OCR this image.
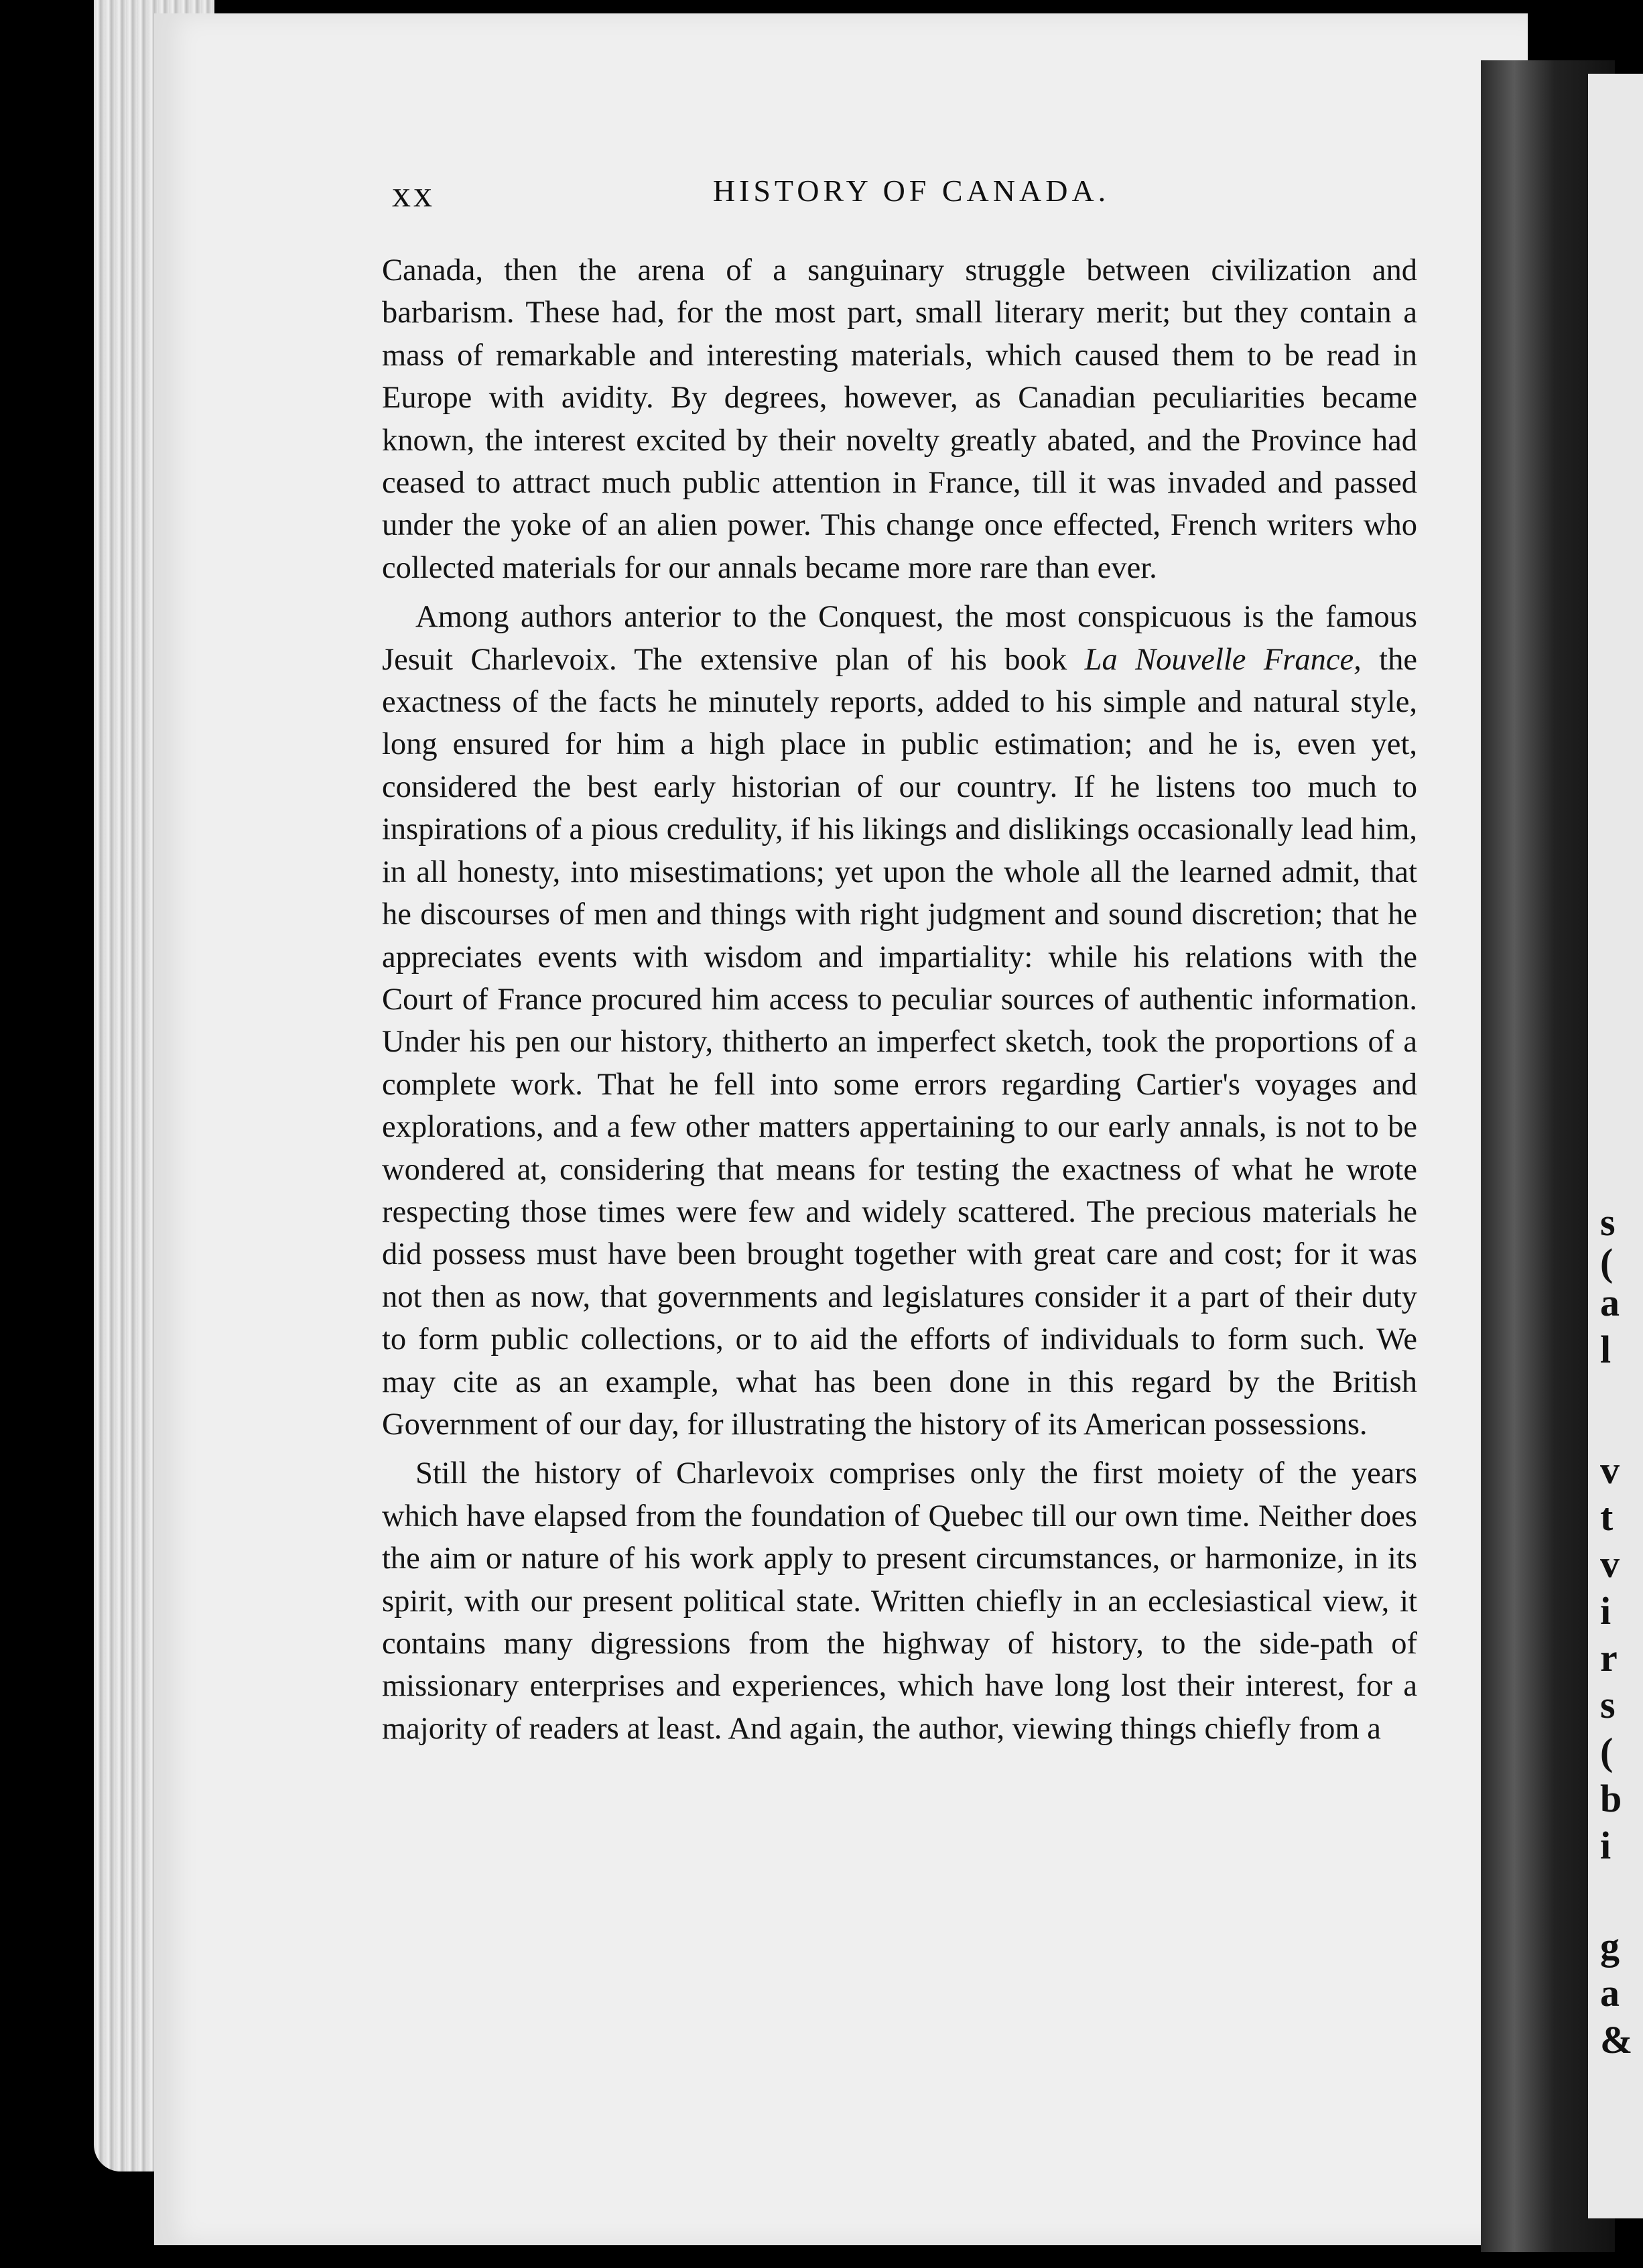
s
(
a
l
v
t
v
i
r
s
(
b
i
g
a
&
xx	HISTORY OF CANADA.

Canada, then the arena of a sanguinary struggle between civilization and barbarism. These had, for the most part, small literary merit; but they contain a mass of remarkable and interesting materials, which caused them to be read in Europe with avidity. By degrees, however, as Canadian peculiarities became known, the interest excited by their novelty greatly abated, and the Province had ceased to attract much public attention in France, till it was invaded and passed under the yoke of an alien power. This change once effected, French writers who collected materials for our annals became more rare than ever.

Among authors anterior to the Conquest, the most conspicuous is the famous Jesuit Charlevoix. The extensive plan of his book La Nouvelle France, the exactness of the facts he minutely reports, added to his simple and natural style, long ensured for him a high place in public estimation; and he is, even yet, considered the best early historian of our country. If he listens too much to inspirations of a pious credulity, if his likings and dislikings occasionally lead him, in all honesty, into misestimations; yet upon the whole all the learned admit, that he discourses of men and things with right judgment and sound discretion; that he appreciates events with wisdom and impartiality: while his relations with the Court of France procured him access to peculiar sources of authentic information. Under his pen our history, thitherto an imperfect sketch, took the proportions of a complete work. That he fell into some errors regarding Cartier's voyages and explorations, and a few other matters appertaining to our early annals, is not to be wondered at, considering that means for testing the exactness of what he wrote respecting those times were few and widely scattered. The precious materials he did possess must have been brought together with great care and cost; for it was not then as now, that governments and legislatures consider it a part of their duty to form public collections, or to aid the efforts of individuals to form such. We may cite as an example, what has been done in this regard by the British Government of our day, for illustrating the history of its American possessions.

Still the history of Charlevoix comprises only the first moiety of the years which have elapsed from the foundation of Quebec till our own time. Neither does the aim or nature of his work apply to present circumstances, or harmonize, in its spirit, with our present political state. Written chiefly in an ecclesiastical view, it contains many digressions from the highway of history, to the side-path of missionary enterprises and experiences, which have long lost their interest, for a majority of readers at least. And again, the author, viewing things chiefly from a
